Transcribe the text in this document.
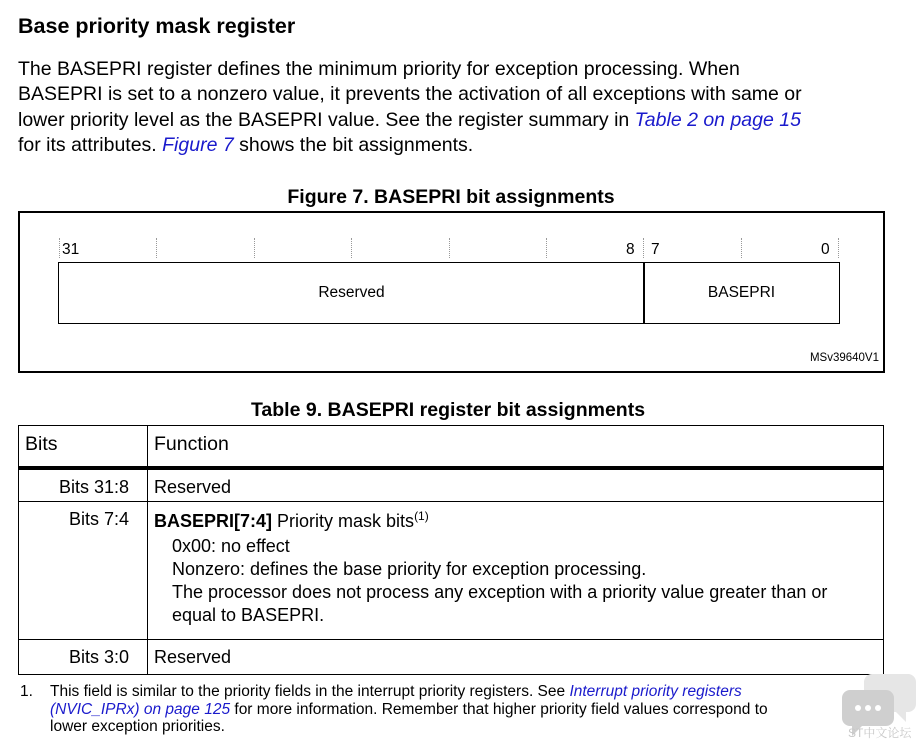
Base priority mask register
The BASEPRI register defines the minimum priority for exception processing. When
BASEPRI is set to a nonzero value, it prevents the activation of all exceptions with same or
lower priority level as the BASEPRI value. See the register summary in Table 2 on page 15
for its attributes. Figure 7 shows the bit assignments.
Figure 7. BASEPRI bit assignments
31	8 7	0
Reserved	BASEPRI
MSv39640V1
Table 9. BASEPRI register bit assignments
Bits	Function
Bits 31:8	Reserved
Bits 7:4	BASEPRI[7:4] Priority mask bits$^{(1)}$
0x00: no effect
Nonzero: defines the base priority for exception processing.
The processor does not process any exception with a priority value greater than or
equal to BASEPRI.

Bits 3:0	Reserved
1. This field is similar to the priority fields in the interrupt priority registers. See Interrupt priority registers
(NVIC_IPRx) on page 125 for more information. Remember that higher priority field values correspond to
lower exception priorities.	ST中文论坛
